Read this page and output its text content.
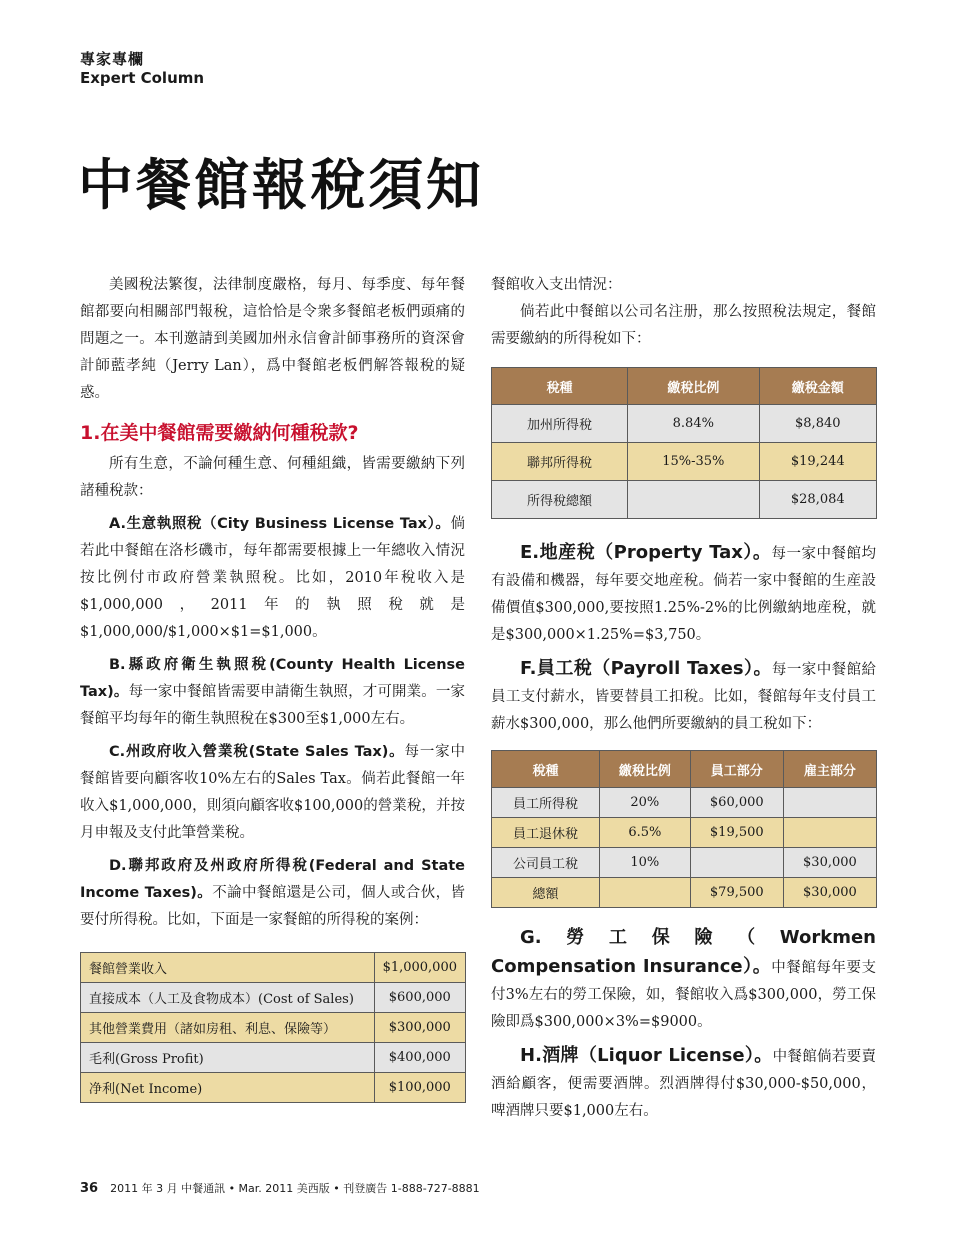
專家專欄
Expert Column
中餐館報稅須知

美國稅法繁復，法律制度嚴格，每月、每季度、每年餐館都要向相關部門報稅，這恰恰是令衆多餐館老板們頭痛的問題之一。本刊邀請到美國加州永信會計師事務所的資深會計師藍孝純（Jerry Lan），爲中餐館老板們解答報稅的疑惑。

1.在美中餐館需要繳納何種稅款?

所有生意，不論何種生意、何種組織，皆需要繳納下列諸種稅款：

A.生意執照稅（City Business License Tax）。倘若此中餐館在洛杉磯市，每年都需要根據上一年總收入情況按比例付市政府營業執照稅。比如，2010年稅收入是$1,000,000，2011年的執照稅就是$1,000,000/$1,000×$1=$1,000。

B.縣政府衛生執照稅(County Health License Tax)。每一家中餐館皆需要申請衛生執照，才可開業。一家餐館平均每年的衛生執照稅在$300至$1,000左右。

C.州政府收入營業稅(State Sales Tax)。每一家中餐館皆要向顧客收10%左右的Sales Tax。倘若此餐館一年收入$1,000,000，則須向顧客收$100,000的營業稅，并按月申報及支付此筆營業稅。

D.聯邦政府及州政府所得稅(Federal and State Income Taxes)。不論中餐館還是公司，個人或合伙，皆要付所得稅。比如，下面是一家餐館的所得稅的案例：

餐館營業收入	$1,000,000
直接成本（人工及食物成本）(Cost of Sales)	$600,000
其他營業費用（諸如房租、利息、保險等）	$300,000
毛利(Gross Profit)	$400,000
净利(Net Income)	$100,000

餐館收入支出情況：

倘若此中餐館以公司名注册，那么按照稅法規定，餐館需要繳納的所得稅如下：

稅種	繳稅比例	繳稅金額
加州所得稅	8.84%	$8,840
聯邦所得稅	15%-35%	$19,244
所得稅總額		$28,084

E.地産稅（Property Tax）。每一家中餐館均有設備和機器，每年要交地産稅。倘若一家中餐館的生産設備價值$300,000,要按照1.25%-2%的比例繳納地産稅，就是$300,000×1.25%=$3,750。

F.員工稅（Payroll Taxes）。每一家中餐館給員工支付薪水，皆要替員工扣稅。比如，餐館每年支付員工薪水$300,000，那么他們所要繳納的員工稅如下：

稅種	繳稅比例	員工部分	雇主部分
員工所得稅	20%	$60,000	
員工退休稅	6.5%	$19,500	
公司員工稅	10%		$30,000
總額		$79,500	$30,000

G.勞工保險（Workmen Compensation Insurance）。中餐館每年要支付3%左右的勞工保險，如，餐館收入爲$300,000，勞工保險即爲$300,000×3%=$9000。

H.酒牌（Liquor License）。中餐館倘若要賣酒給顧客，便需要酒牌。烈酒牌得付$30,000-$50,000，啤酒牌只要$1,000左右。

36 2011 年 3 月 中餐通訊 • Mar. 2011 美西版 • 刊登廣告 1-888-727-8881
